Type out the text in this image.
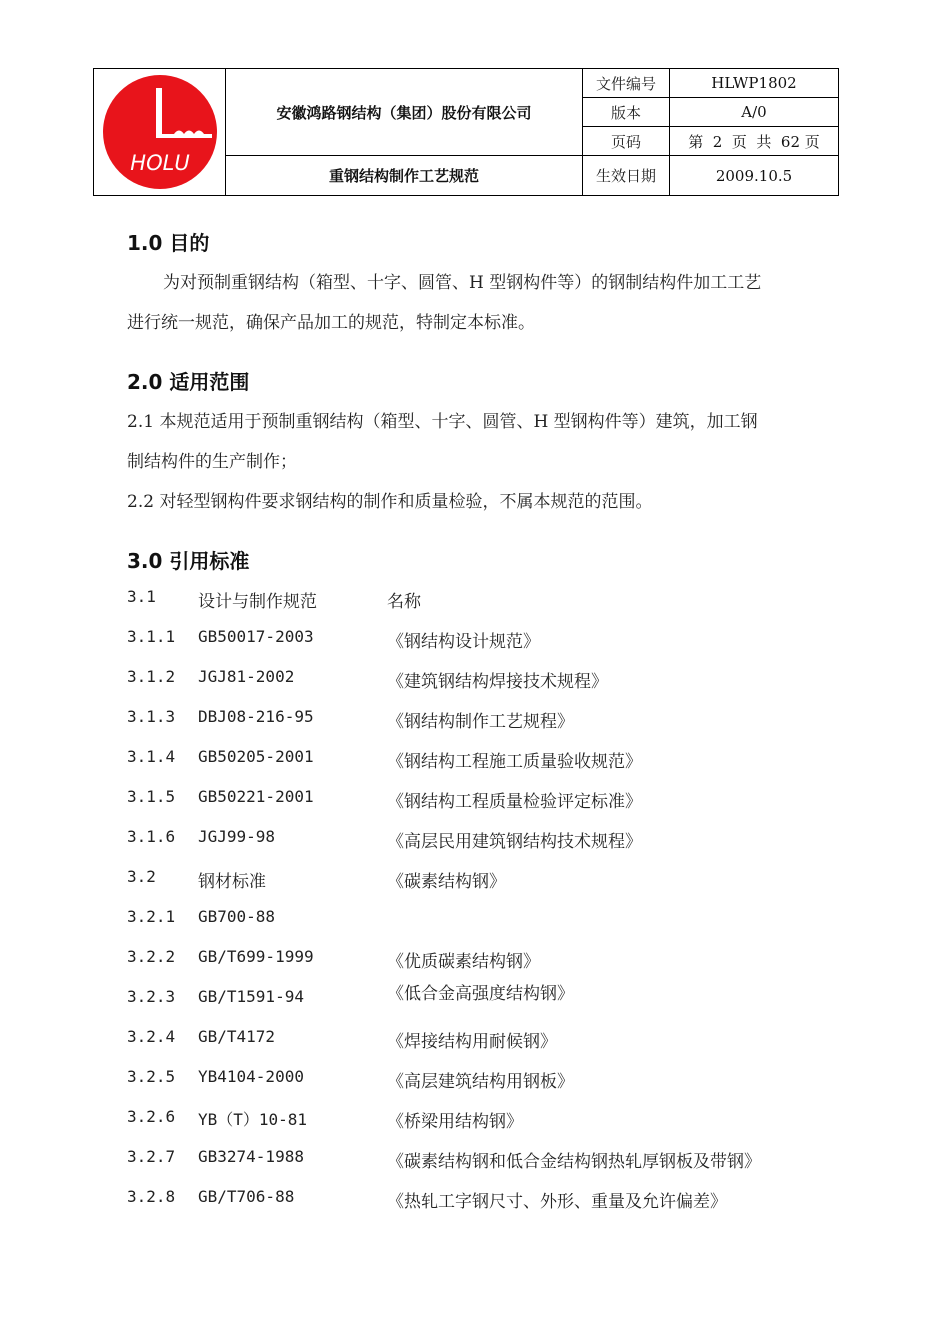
HOLU	安徽鸿路钢结构（集团）股份有限公司	文件编号	HLWP1802
		版本	A/0
		页码	第  2  页  共  62 页
	重钢结构制作工艺规范	生效日期	2009.10.5
1.0 目的

为对预制重钢结构（箱型、十字、圆管、H 型钢构件等）的钢制结构件加工工艺

进行统一规范，确保产品加工的规范，特制定本标准。

2.0 适用范围

2.1 本规范适用于预制重钢结构（箱型、十字、圆管、H 型钢构件等）建筑，加工钢

制结构件的生产制作；

2.2 对轻型钢构件要求钢结构的制作和质量检验，不属本规范的范围。

3.0 引用标准
3.1 设计与制作规范	名称
3.1.1 GB50017-2003	《钢结构设计规范》
3.1.2 JGJ81-2002	《建筑钢结构焊接技术规程》
3.1.3 DBJ08-216-95	《钢结构制作工艺规程》
3.1.4 GB50205-2001	《钢结构工程施工质量验收规范》
3.1.5 GB50221-2001	《钢结构工程质量检验评定标准》
3.1.6 JGJ99-98	《高层民用建筑钢结构技术规程》
3.2 钢材标准	《碳素结构钢》
3.2.1 GB700-88
3.2.2 GB/T699-1999	《优质碳素结构钢》
3.2.3 GB/T1591-94	《低合金高强度结构钢》
3.2.4 GB/T4172	《焊接结构用耐候钢》
3.2.5 YB4104-2000	《高层建筑结构用钢板》
3.2.6 YB（T）10-81	《桥梁用结构钢》
3.2.7 GB3274-1988	《碳素结构钢和低合金结构钢热轧厚钢板及带钢》
3.2.8 GB/T706-88	《热轧工字钢尺寸、外形、重量及允许偏差》
